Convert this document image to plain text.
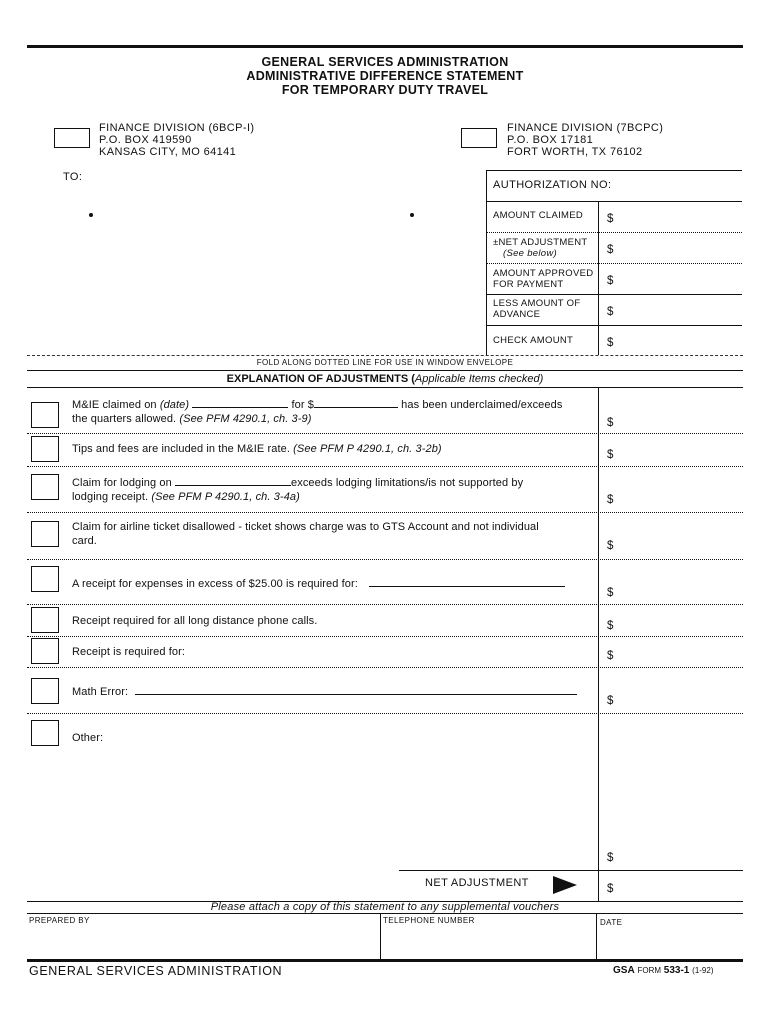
GENERAL SERVICES ADMINISTRATION
ADMINISTRATIVE DIFFERENCE STATEMENT
FOR TEMPORARY DUTY TRAVEL
FINANCE DIVISION (6BCP-I)
P.O. BOX 419590
KANSAS CITY, MO 64141
FINANCE DIVISION (7BCPC)
P.O. BOX 17181
FORT WORTH, TX 76102
TO:
AUTHORIZATION NO:
AMOUNT CLAIMED $
±NET ADJUSTMENT
(See below)	$
AMOUNT APPROVED
FOR PAYMENT	$
LESS AMOUNT OF
ADVANCE	$
CHECK AMOUNT	$
FOLD ALONG DOTTED LINE FOR USE IN WINDOW ENVELOPE
EXPLANATION OF ADJUSTMENTS (Applicable Items checked)
M&IE claimed on (date)	for $	has been underclaimed/exceeds
the quarters allowed. (See PFM 4290.1, ch. 3-9)	$
Tips and fees are included in the M&IE rate. (See PFM P 4290.1, ch. 3-2b)	$
Claim for lodging on	exceeds lodging limitations/is not supported by
lodging receipt. (See PFM P 4290.1, ch. 3-4a)	$
Claim for airline ticket disallowed - ticket shows charge was to GTS Account and not individual
card.	$
A receipt for expenses in excess of $25.00 is required for:
$
Receipt required for all long distance phone calls.	$
Receipt is required for:	$
Math Error:
$
Other:
$
NET ADJUSTMENT	$
Please attach a copy of this statement to any supplemental vouchers
PREPARED BY	TELEPHONE NUMBER	DATE
GENERAL SERVICES ADMINISTRATION	GSA FORM 533-1 (1-92)
